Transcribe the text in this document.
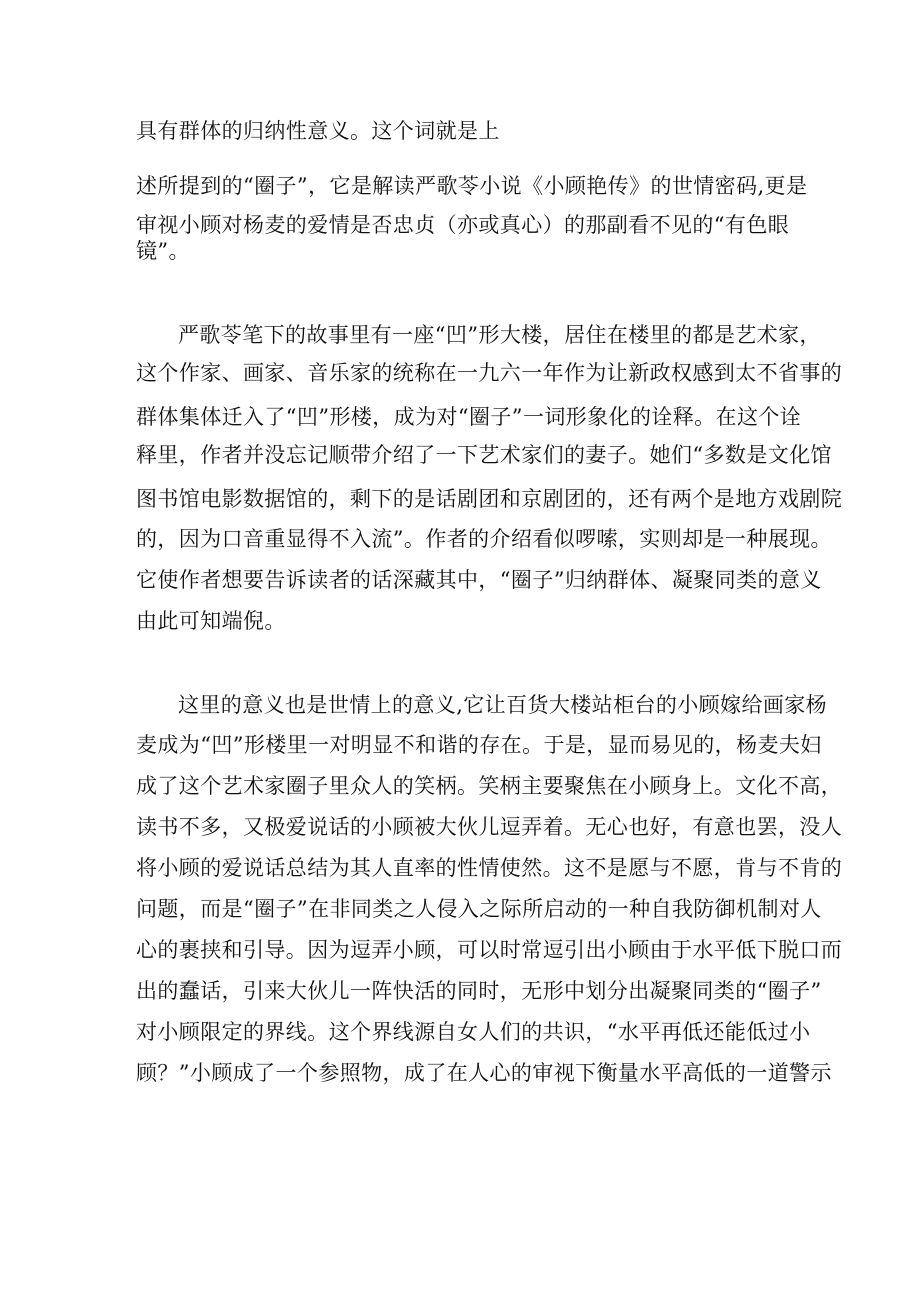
具有群体的归纳性意义。这个词就是上

述所提到的“圈子”，它是解读严歌苓小说《小顾艳传》的世情密码,更是

审视小顾对杨麦的爱情是否忠贞（亦或真心）的那副看不见的“有色眼

镜”。

严歌苓笔下的故事里有一座“凹”形大楼，居住在楼里的都是艺术家，

这个作家、画家、音乐家的统称在一九六一年作为让新政权感到太不省事的

群体集体迁入了“凹”形楼，成为对“圈子”一词形象化的诠释。在这个诠

释里，作者并没忘记顺带介绍了一下艺术家们的妻子。她们“多数是文化馆

图书馆电影数据馆的，剩下的是话剧团和京剧团的，还有两个是地方戏剧院

的，因为口音重显得不入流”。作者的介绍看似啰嗦，实则却是一种展现。

它使作者想要告诉读者的话深藏其中，“圈子”归纳群体、凝聚同类的意义

由此可知端倪。

这里的意义也是世情上的意义,它让百货大楼站柜台的小顾嫁给画家杨

麦成为“凹”形楼里一对明显不和谐的存在。于是，显而易见的，杨麦夫妇

成了这个艺术家圈子里众人的笑柄。笑柄主要聚焦在小顾身上。文化不高，

读书不多，又极爱说话的小顾被大伙儿逗弄着。无心也好，有意也罢，没人

将小顾的爱说话总结为其人直率的性情使然。这不是愿与不愿，肯与不肯的

问题，而是“圈子”在非同类之人侵入之际所启动的一种自我防御机制对人

心的裹挟和引导。因为逗弄小顾，可以时常逗引出小顾由于水平低下脱口而

出的蠢话，引来大伙儿一阵快活的同时，无形中划分出凝聚同类的“圈子”

对小顾限定的界线。这个界线源自女人们的共识，“水平再低还能低过小

顾？”小顾成了一个参照物，成了在人心的审视下衡量水平高低的一道警示
